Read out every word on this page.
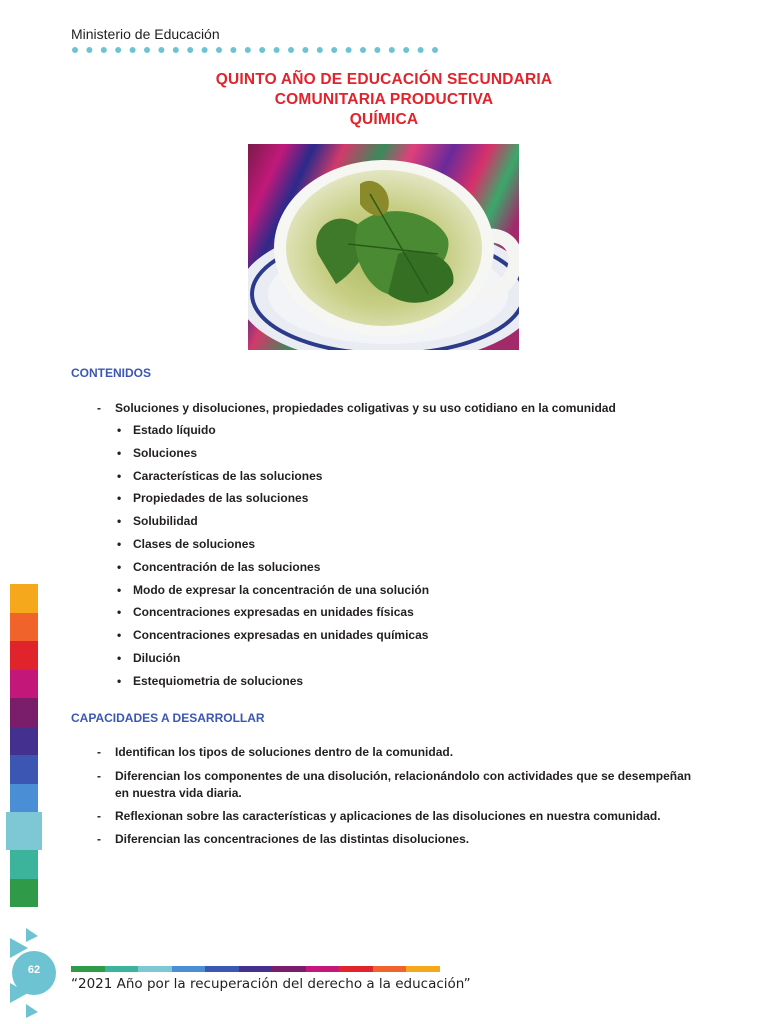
Ministerio de Educación
QUINTO AÑO DE EDUCACIÓN SECUNDARIA
COMUNITARIA PRODUCTIVA
QUÍMICA
CONTENIDOS
- Soluciones y disoluciones, propiedades coligativas y su uso cotidiano en la comunidad
• Estado líquido
• Soluciones
• Características de las soluciones
• Propiedades de las soluciones
• Solubilidad
• Clases de soluciones
• Concentración de las soluciones
• Modo de expresar la concentración de una solución
• Concentraciones expresadas en unidades físicas
• Concentraciones expresadas en unidades químicas
• Dilución
• Estequiometria de soluciones
CAPACIDADES A DESARROLLAR
- Identifican los tipos de soluciones dentro de la comunidad.
- Diferencian los componentes de una disolución, relacionándolo con actividades que se desempeñan en nuestra vida diaria.
- Reflexionan sobre las características y aplicaciones de las disoluciones en nuestra comunidad.
- Diferencian las concentraciones de las distintas disoluciones.
62
“2021 Año por la recuperación del derecho a la educación”
